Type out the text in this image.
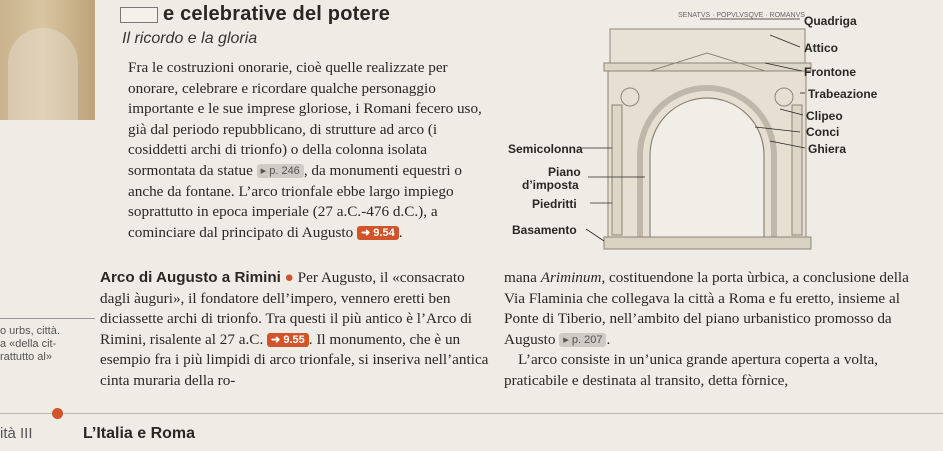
e celebrative del potere
Il ricordo e la gloria

Fra le costruzioni onorarie, cioè quelle realizzate per onorare, celebrare e ricordare qualche personaggio importante e le sue imprese gloriose, i Romani fecero uso, già dal periodo repubblicano, di strutture ad arco (i cosiddetti archi di trionfo) o della colonna isolata sormontata da statue ▸ p. 246 , da monumenti equestri o anche da fontane. L’arco trionfale ebbe largo impiego soprattutto in epoca imperiale (27 a.C.-476 d.C.), a cominciare dal principato di Augusto ➜ 9.54 .

SENATVS · POPVLVSQVE · ROMANVS Quadriga
Attico
Frontone
Trabeazione
Clipeo
Conci
Ghiera
Semicolonna
Piano
d’imposta
Piedritti
Basamento
o urbs, città.
a «della cit-
rattutto al»

Arco di Augusto a Rimini ● Per Augusto, il «consacrato dagli àuguri», il fondatore dell’impero, vennero eretti ben diciassette archi di trionfo. Tra questi il più antico è l’Arco di Rimini, risalente al 27 a.C. ➜ 9.55 . Il monumento, che è un esempio fra i più limpidi di arco trionfale, si inseriva nell’antica cinta muraria della ro-

mana Ariminum, costituendone la porta ùrbica, a conclusione della Via Flaminia che collegava la città a Roma e fu eretto, insieme al Ponte di Tiberio, nell’ambito del piano urbanistico promosso da Augusto ▸ p. 207 .

L’arco consiste in un’unica grande apertura coperta a volta, praticabile e destinata al transito, detta fòrnice,

ità III	L’Italia e Roma
